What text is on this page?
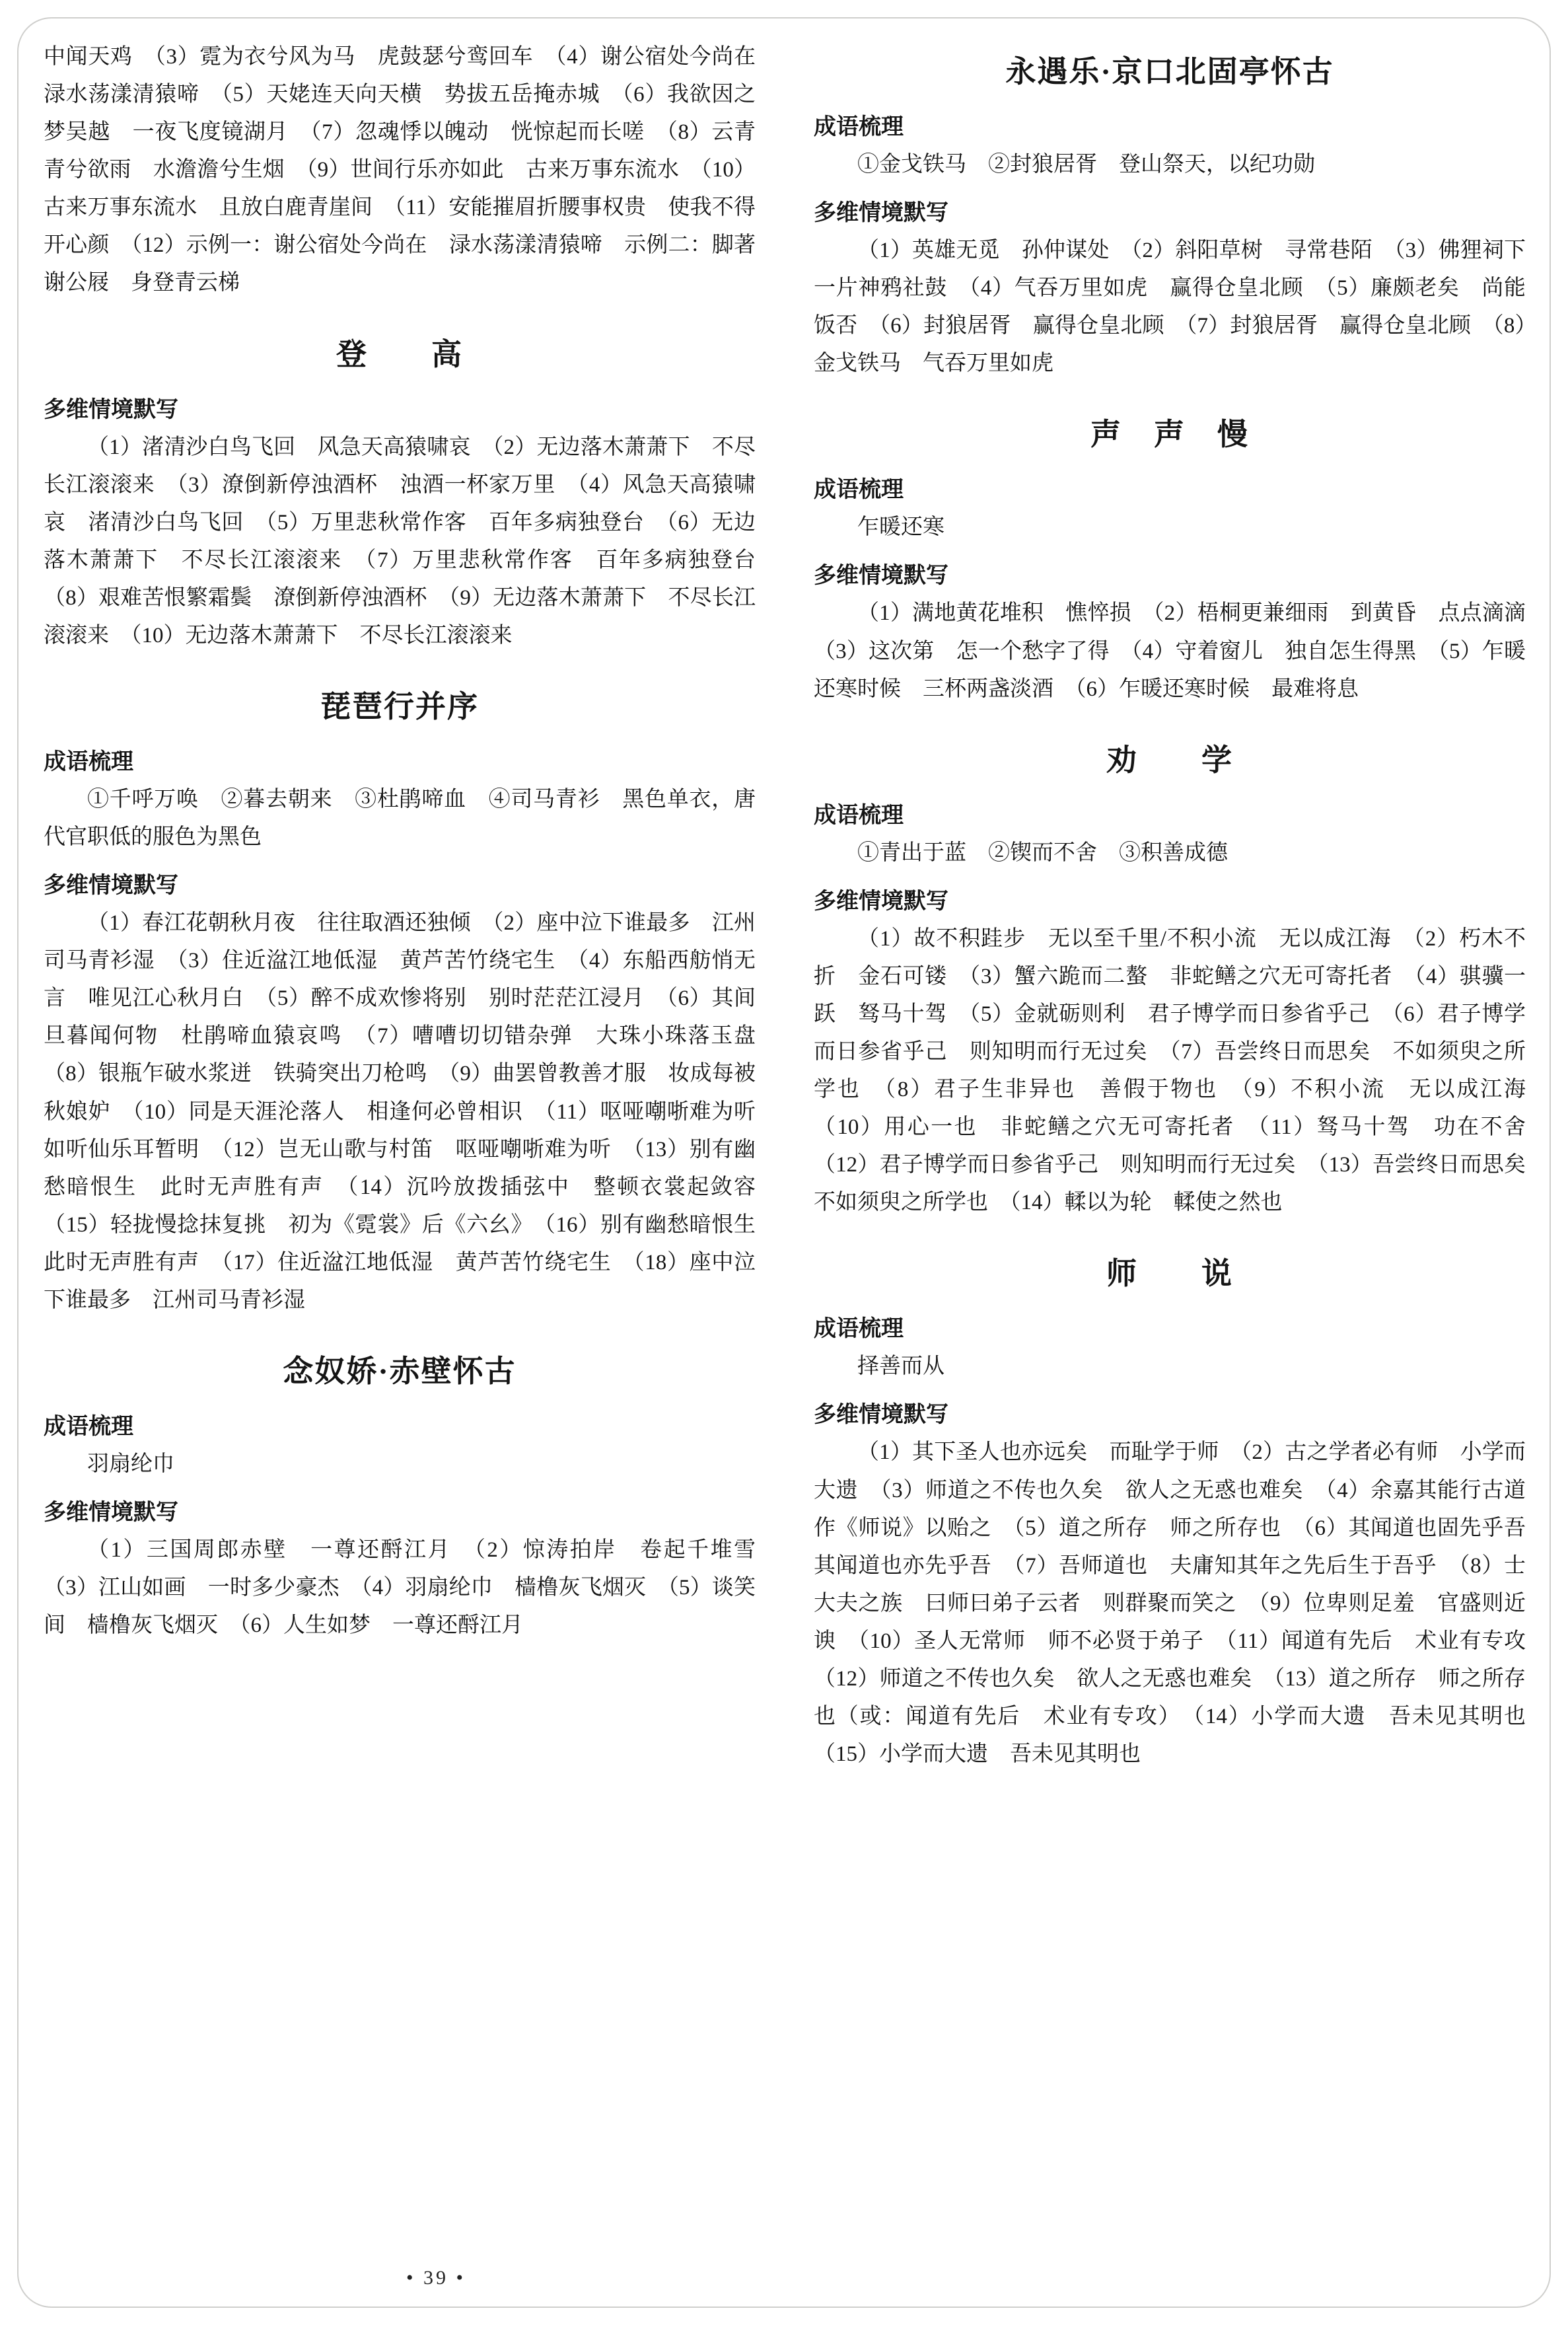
中闻天鸡　（3）霓为衣兮风为马　虎鼓瑟兮鸾回车　（4）谢公宿处今尚在　渌水荡漾清猿啼　（5）天姥连天向天横　势拔五岳掩赤城　（6）我欲因之梦吴越　一夜飞度镜湖月　（7）忽魂悸以魄动　恍惊起而长嗟　（8）云青青兮欲雨　水澹澹兮生烟　（9）世间行乐亦如此　古来万事东流水　（10）古来万事东流水　且放白鹿青崖间　（11）安能摧眉折腰事权贵　使我不得开心颜　（12）示例一：谢公宿处今尚在　渌水荡漾清猿啼　示例二：脚著谢公屐　身登青云梯

登　　高

多维情境默写

（1）渚清沙白鸟飞回　风急天高猿啸哀　（2）无边落木萧萧下　不尽长江滚滚来　（3）潦倒新停浊酒杯　浊酒一杯家万里　（4）风急天高猿啸哀　渚清沙白鸟飞回　（5）万里悲秋常作客　百年多病独登台　（6）无边落木萧萧下　不尽长江滚滚来　（7）万里悲秋常作客　百年多病独登台　（8）艰难苦恨繁霜鬓　潦倒新停浊酒杯　（9）无边落木萧萧下　不尽长江滚滚来　（10）无边落木萧萧下　不尽长江滚滚来

琵琶行并序

成语梳理

①千呼万唤　②暮去朝来　③杜鹃啼血　④司马青衫　黑色单衣，唐代官职低的服色为黑色

多维情境默写

（1）春江花朝秋月夜　往往取酒还独倾　（2）座中泣下谁最多　江州司马青衫湿　（3）住近湓江地低湿　黄芦苦竹绕宅生　（4）东船西舫悄无言　唯见江心秋月白　（5）醉不成欢惨将别　别时茫茫江浸月　（6）其间旦暮闻何物　杜鹃啼血猿哀鸣　（7）嘈嘈切切错杂弹　大珠小珠落玉盘　（8）银瓶乍破水浆迸　铁骑突出刀枪鸣　（9）曲罢曾教善才服　妆成每被秋娘妒　（10）同是天涯沦落人　相逢何必曾相识　（11）呕哑嘲哳难为听　如听仙乐耳暂明　（12）岂无山歌与村笛　呕哑嘲哳难为听　（13）别有幽愁暗恨生　此时无声胜有声　（14）沉吟放拨插弦中　整顿衣裳起敛容　（15）轻拢慢捻抹复挑　初为《霓裳》后《六幺》　（16）别有幽愁暗恨生　此时无声胜有声　（17）住近湓江地低湿　黄芦苦竹绕宅生　（18）座中泣下谁最多　江州司马青衫湿

念奴娇·赤壁怀古

成语梳理

羽扇纶巾

多维情境默写

（1）三国周郎赤壁　一尊还酹江月　（2）惊涛拍岸　卷起千堆雪　（3）江山如画　一时多少豪杰　（4）羽扇纶巾　樯橹灰飞烟灭　（5）谈笑间　樯橹灰飞烟灭　（6）人生如梦　一尊还酹江月

永遇乐·京口北固亭怀古

成语梳理

①金戈铁马　②封狼居胥　登山祭天，以纪功勋

多维情境默写

（1）英雄无觅　孙仲谋处　（2）斜阳草树　寻常巷陌　（3）佛狸祠下　一片神鸦社鼓　（4）气吞万里如虎　赢得仓皇北顾　（5）廉颇老矣　尚能饭否　（6）封狼居胥　赢得仓皇北顾　（7）封狼居胥　赢得仓皇北顾　（8）金戈铁马　气吞万里如虎

声　声　慢

成语梳理

乍暖还寒

多维情境默写

（1）满地黄花堆积　憔悴损　（2）梧桐更兼细雨　到黄昏　点点滴滴　（3）这次第　怎一个愁字了得　（4）守着窗儿　独自怎生得黑　（5）乍暖还寒时候　三杯两盏淡酒　（6）乍暖还寒时候　最难将息

劝　　学

成语梳理

①青出于蓝　②锲而不舍　③积善成德

多维情境默写

（1）故不积跬步　无以至千里/不积小流　无以成江海　（2）朽木不折　金石可镂　（3）蟹六跪而二螯　非蛇鳝之穴无可寄托者　（4）骐骥一跃　驽马十驾　（5）金就砺则利　君子博学而日参省乎己　（6）君子博学而日参省乎己　则知明而行无过矣　（7）吾尝终日而思矣　不如须臾之所学也　（8）君子生非异也　善假于物也　（9）不积小流　无以成江海　（10）用心一也　非蛇鳝之穴无可寄托者　（11）驽马十驾　功在不舍　（12）君子博学而日参省乎己　则知明而行无过矣　（13）吾尝终日而思矣　不如须臾之所学也　（14）輮以为轮　輮使之然也

师　　说

成语梳理

择善而从

多维情境默写

（1）其下圣人也亦远矣　而耻学于师　（2）古之学者必有师　小学而大遗　（3）师道之不传也久矣　欲人之无惑也难矣　（4）余嘉其能行古道　作《师说》以贻之　（5）道之所存　师之所存也　（6）其闻道也固先乎吾　其闻道也亦先乎吾　（7）吾师道也　夫庸知其年之先后生于吾乎　（8）士大夫之族　曰师曰弟子云者　则群聚而笑之　（9）位卑则足羞　官盛则近谀　（10）圣人无常师　师不必贤于弟子　（11）闻道有先后　术业有专攻　（12）师道之不传也久矣　欲人之无惑也难矣　（13）道之所存　师之所存也（或：闻道有先后　术业有专攻）　（14）小学而大遗　吾未见其明也　（15）小学而大遗　吾未见其明也

• 39 •
